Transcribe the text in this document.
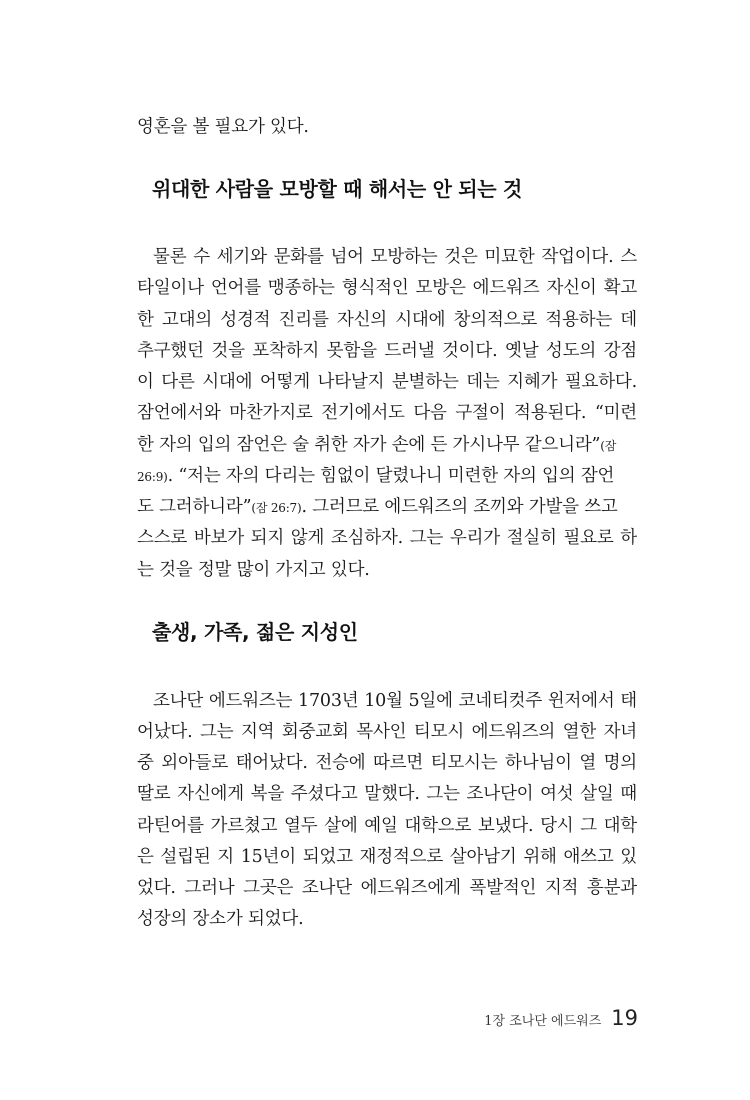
영혼을 볼 필요가 있다.

위대한 사람을 모방할 때 해서는 안 되는 것

물론 수 세기와 문화를 넘어 모방하는 것은 미묘한 작업이다. 스

타일이나 언어를 맹종하는 형식적인 모방은 에드워즈 자신이 확고

한 고대의 성경적 진리를 자신의 시대에 창의적으로 적용하는 데

추구했던 것을 포착하지 못함을 드러낼 것이다. 옛날 성도의 강점

이 다른 시대에 어떻게 나타날지 분별하는 데는 지혜가 필요하다.

잠언에서와 마찬가지로 전기에서도 다음 구절이 적용된다. “미련

한 자의 입의 잠언은 술 취한 자가 손에 든 가시나무 같으니라”(잠

26:9). “저는 자의 다리는 힘없이 달렸나니 미련한 자의 입의 잠언

도 그러하니라”(잠 26:7). 그러므로 에드워즈의 조끼와 가발을 쓰고

스스로 바보가 되지 않게 조심하자. 그는 우리가 절실히 필요로 하

는 것을 정말 많이 가지고 있다.

출생, 가족, 젊은 지성인

조나단 에드워즈는 1703년 10월 5일에 코네티컷주 윈저에서 태

어났다. 그는 지역 회중교회 목사인 티모시 에드워즈의 열한 자녀

중 외아들로 태어났다. 전승에 따르면 티모시는 하나님이 열 명의

딸로 자신에게 복을 주셨다고 말했다. 그는 조나단이 여섯 살일 때

라틴어를 가르쳤고 열두 살에 예일 대학으로 보냈다. 당시 그 대학

은 설립된 지 15년이 되었고 재정적으로 살아남기 위해 애쓰고 있

었다. 그러나 그곳은 조나단 에드워즈에게 폭발적인 지적 흥분과

성장의 장소가 되었다.

1장 조나단 에드워즈 19
